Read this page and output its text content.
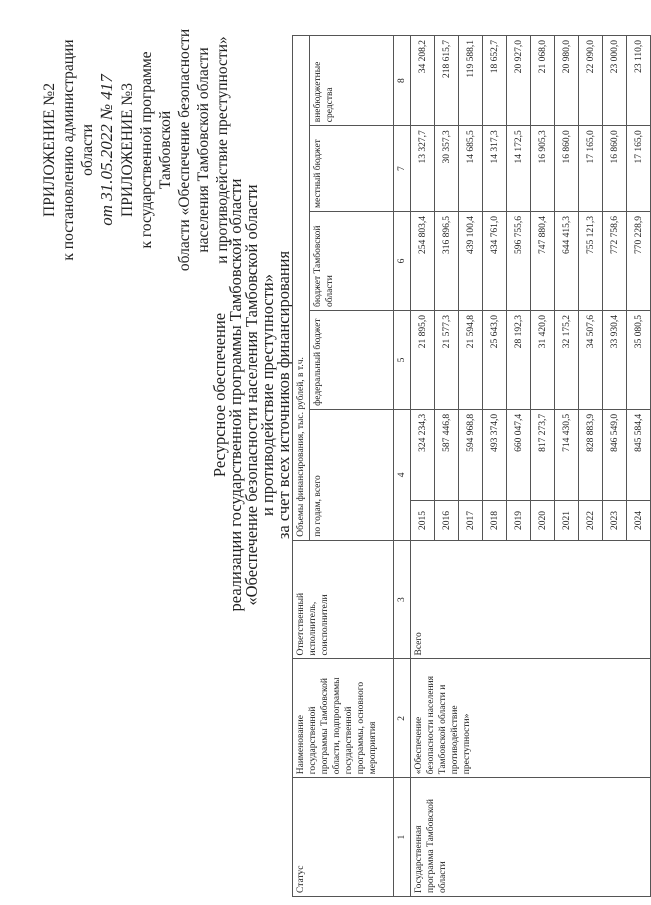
ПРИЛОЖЕНИЕ №2 к постановлению администрации области от 31.05.2022 № 417 ПРИЛОЖЕНИЕ №3 к государственной программе Тамбовской области «Обеспечение безопасности населения Тамбовской области и противодействие преступности»
Ресурсное обеспечение
реализации государственной программы Тамбовской области
«Обеспечение безопасности населения Тамбовской области
и противодействие преступности»
за счет всех источников финансирования
Статус	Наименование государственной программы Тамбовской области, подпрограммы государственной программы, основного мероприятия	Ответственный исполнитель, соисполнители	Объемы финансирования, тыс. рублей, в т.ч.					
			по годам, всего		федеральный бюджет	бюджет Тамбовской области	местный бюджет	внебюджетные средства
1	2	3	4		5	6	7	8
Государственная программа Тамбовской области	«Обеспечение безопасности населения Тамбовской области и противодействие преступности»	Всего	2015	324 234,3	21 895,0	254 803,4	13 327,7	34 208,2
			2016	587 446,8	21 577,3	316 896,5	30 357,3	218 615,7
			2017	594 968,8	21 594,8	439 100,4	14 685,5	119 588,1
			2018	493 374,0	25 643,0	434 761,0	14 317,3	18 652,7
			2019	660 047,4	28 192,3	596 755,6	14 172,5	20 927,0
			2020	817 273,7	31 420,0	747 880,4	16 905,3	21 068,0
			2021	714 430,5	32 175,2	644 415,3	16 860,0	20 980,0
			2022	828 883,9	34 507,6	755 121,3	17 165,0	22 090,0
			2023	846 549,0	33 930,4	772 758,6	16 860,0	23 000,0
			2024	845 584,4	35 080,5	770 228,9	17 165,0	23 110,0
